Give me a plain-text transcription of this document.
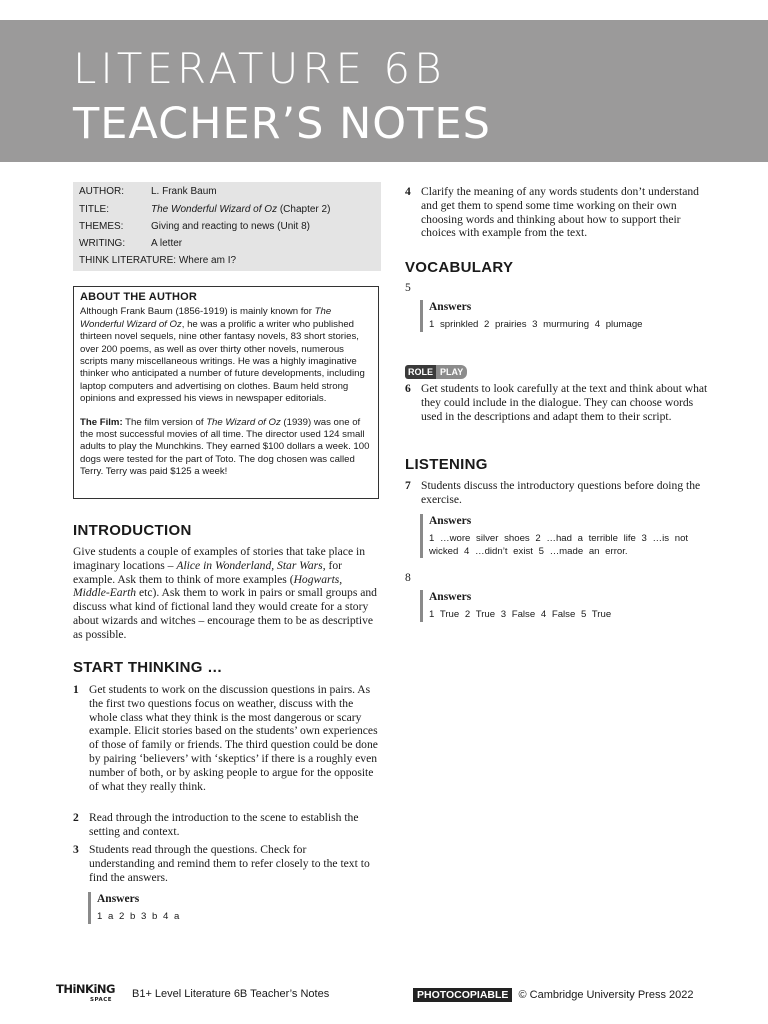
LITERATURE 6B
TEACHER’S NOTES
AUTHOR:	L. Frank Baum
TITLE:	The Wonderful Wizard of Oz (Chapter 2)
THEMES:	Giving and reacting to news (Unit 8)
WRITING:	A letter
THINK LITERATURE: Where am I?
ABOUT THE AUTHOR

Although Frank Baum (1856-1919) is mainly known for The Wonderful Wizard of Oz, he was a prolific a writer who published thirteen novel sequels, nine other fantasy novels, 83 short stories, over 200 poems, as well as over thirty other novels, numerous scripts many miscellaneous writings. He was a highly imaginative thinker who anticipated a number of future developments, including laptop computers and advertising on clothes. Baum held strong opinions and expressed his views in newspaper editorials.

The Film: The film version of The Wizard of Oz (1939) was one of the most successful movies of all time. The director used 124 small adults to play the Munchkins. They earned $100 dollars a week. 100 dogs were tested for the part of Toto. The dog chosen was called Terry. Terry was paid $125 a week!

INTRODUCTION
Give students a couple of examples of stories that take place in imaginary locations – Alice in Wonderland, Star Wars, for example. Ask them to think of more examples (Hogwarts, Middle-Earth etc). Ask them to work in pairs or small groups and discuss what kind of fictional land they would create for a story about wizards and witches – encourage them to be as descriptive as possible.
START THINKING …
1 Get students to work on the discussion questions in pairs. As the first two questions focus on weather, discuss with the whole class what they think is the most dangerous or scary example. Elicit stories based on the students’ own experiences of those of family or friends. The third question could be done by pairing ‘believers’ with ‘skeptics’ if there is a roughly even number of both, or by asking people to argue for the opposite of what they really think.
2 Read through the introduction to the scene to establish the setting and context.
3 Students read through the questions. Check for understanding and remind them to refer closely to the text to find the answers.
Answers
1 a 2 b 3 b 4 a
4 Clarify the meaning of any words students don’t understand and get them to spend some time working on their own choosing words and thinking about how to support their choices with example from the text.
VOCABULARY
5
Answers
1 sprinkled 2 prairies 3 murmuring 4 plumage
ROLE PLAY
6 Get students to look carefully at the text and think about what they could include in the dialogue. They can choose words used in the descriptions and adapt them to their script.
LISTENING
7 Students discuss the introductory questions before doing the exercise.
Answers
1 …wore silver shoes 2 …had a terrible life 3 …is not wicked 4 …didn’t exist 5 …made an error.
8
Answers
1 True 2 True 3 False 4 False 5 True
THiNKiNG
SPACE B1+ Level Literature 6B Teacher’s Notes	PHOTOCOPIABLE © Cambridge University Press 2022
